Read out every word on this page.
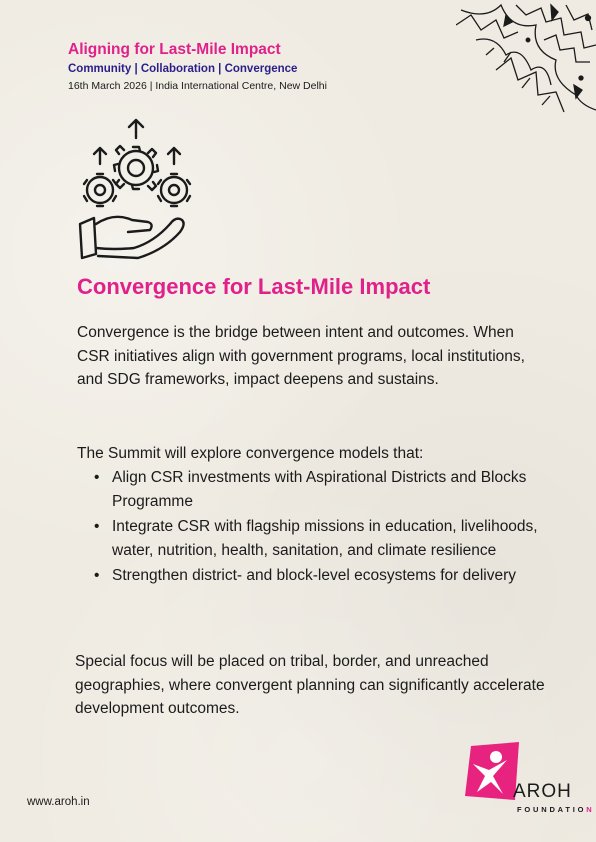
Aligning for Last-Mile Impact
Community | Collaboration | Convergence
16th March 2026 | India International Centre, New Delhi
Convergence for Last-Mile Impact
Convergence is the bridge between intent and outcomes. When CSR initiatives align with government programs, local institutions, and SDG frameworks, impact deepens and sustains.
The Summit will explore convergence models that:
• Align CSR investments with Aspirational Districts and Blocks Programme
• Integrate CSR with flagship missions in education, livelihoods, water, nutrition, health, sanitation, and climate resilience
• Strengthen district- and block-level ecosystems for delivery
Special focus will be placed on tribal, border, and unreached geographies, where convergent planning can significantly accelerate development outcomes.
www.aroh.in	AROH
FOUNDATION
